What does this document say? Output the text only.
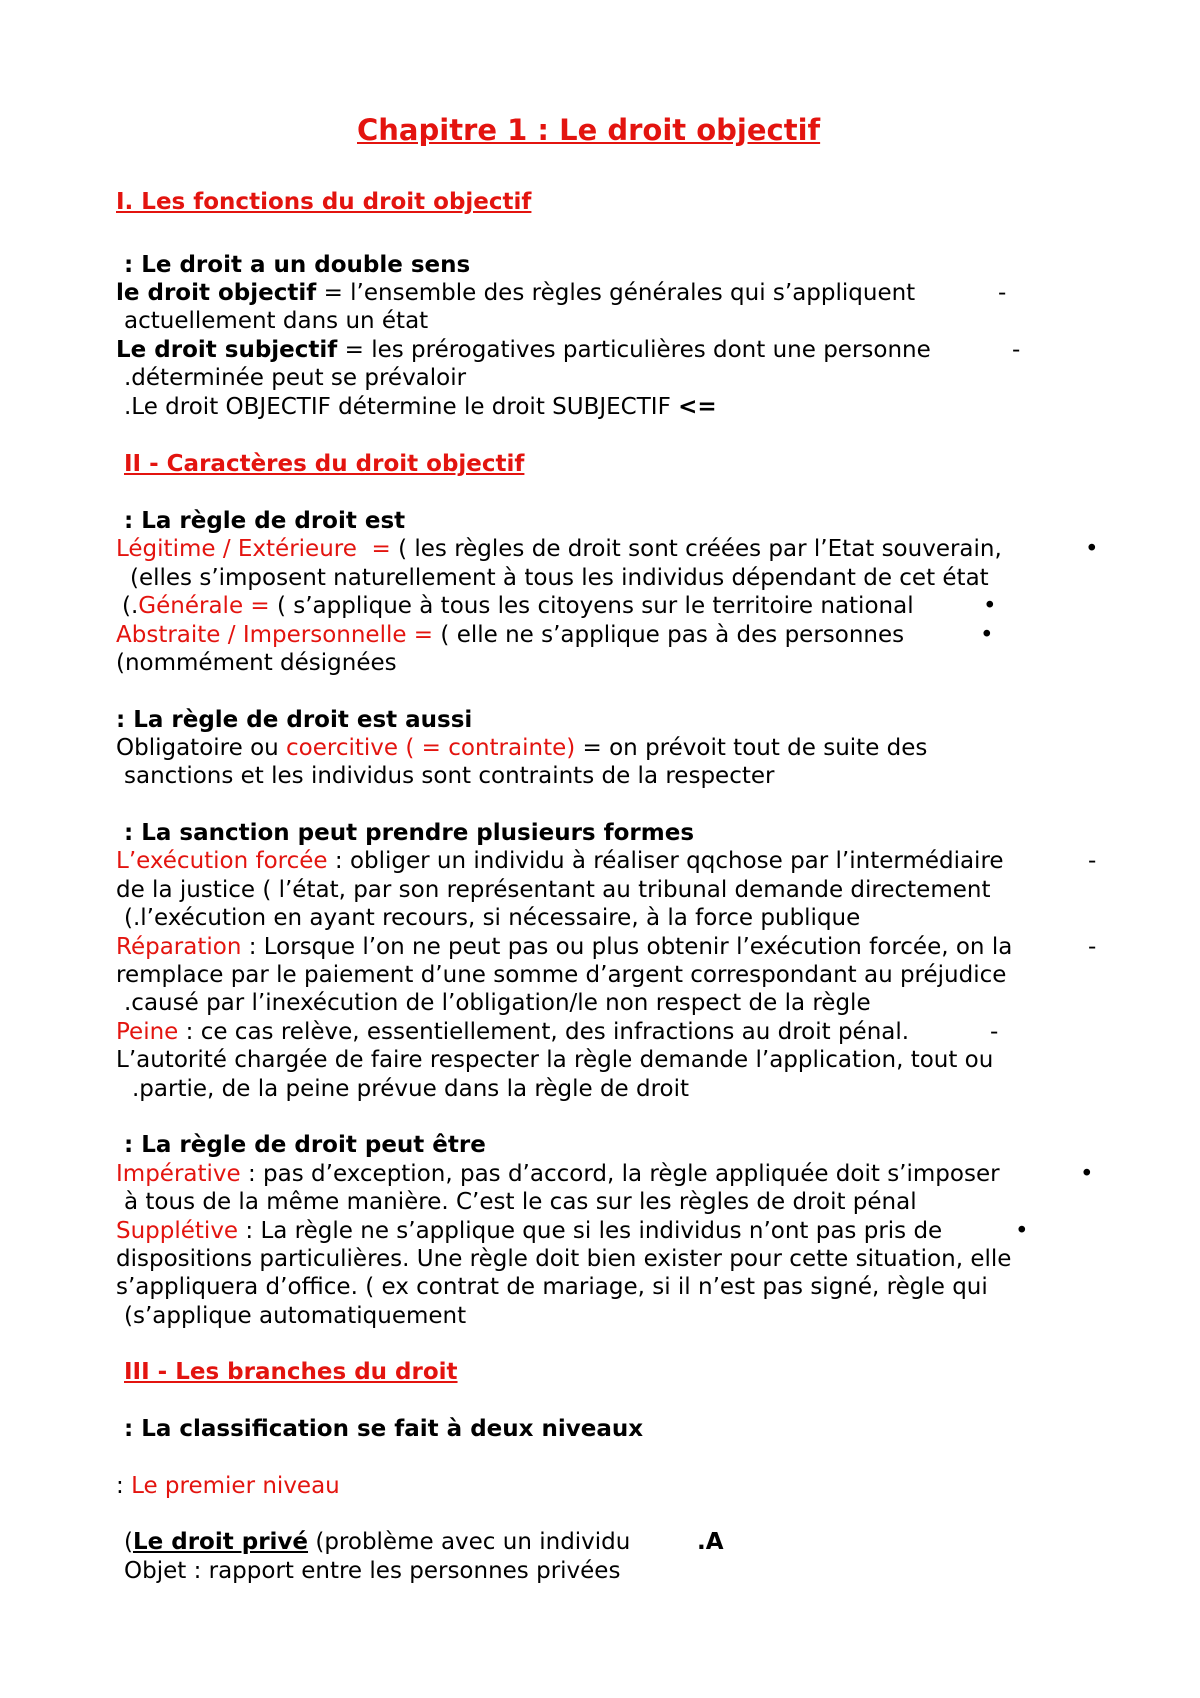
Chapitre 1 : Le droit objectif
I. Les fonctions du droit objectif
: Le droit a un double sens
le droit objectif = l’ensemble des règles générales qui s’appliquent	-
actuellement dans un état
Le droit subjectif = les prérogatives particulières dont une personne	-
.déterminée peut se prévaloir
.Le droit OBJECTIF détermine le droit SUBJECTIF <=
II - Caractères du droit objectif
: La règle de droit est
Légitime / Extérieure  = ( les règles de droit sont créées par l’Etat souverain,	•
(elles s’imposent naturellement à tous les individus dépendant de cet état
(.Générale = ( s’applique à tous les citoyens sur le territoire national	•
Abstraite / Impersonnelle = ( elle ne s’applique pas à des personnes	•
(nommément désignées
: La règle de droit est aussi
Obligatoire ou coercitive ( = contrainte) = on prévoit tout de suite des
sanctions et les individus sont contraints de la respecter
: La sanction peut prendre plusieurs formes
L’exécution forcée : obliger un individu à réaliser qqchose par l’intermédiaire	-
de la justice ( l’état, par son représentant au tribunal demande directement
(.l’exécution en ayant recours, si nécessaire, à la force publique
Réparation : Lorsque l’on ne peut pas ou plus obtenir l’exécution forcée, on la	-
remplace par le paiement d’une somme d’argent correspondant au préjudice
.causé par l’inexécution de l’obligation/le non respect de la règle
Peine : ce cas relève, essentiellement, des infractions au droit pénal.	-
L’autorité chargée de faire respecter la règle demande l’application, tout ou
.partie, de la peine prévue dans la règle de droit
: La règle de droit peut être
Impérative : pas d’exception, pas d’accord, la règle appliquée doit s’imposer	•
à tous de la même manière. C’est le cas sur les règles de droit pénal
Supplétive : La règle ne s’applique que si les individus n’ont pas pris de	•
dispositions particulières. Une règle doit bien exister pour cette situation, elle
s’appliquera d’office. ( ex contrat de mariage, si il n’est pas signé, règle qui
(s’applique automatiquement
III - Les branches du droit
: La classification se fait à deux niveaux
: Le premier niveau
(Le droit privé (problème avec un individu	.A
Objet : rapport entre les personnes privées
